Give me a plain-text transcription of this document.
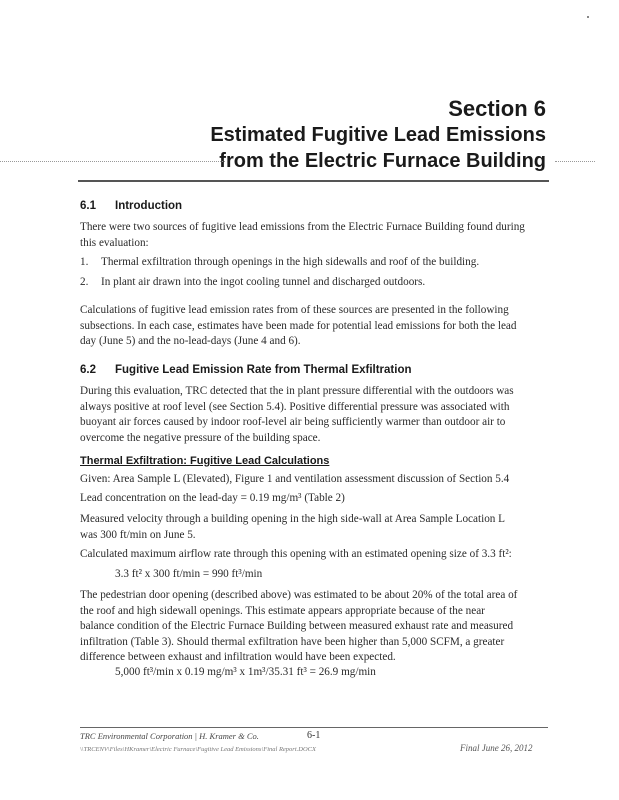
Section 6
Estimated Fugitive Lead Emissions
from the Electric Furnace Building
6.1 Introduction
There were two sources of fugitive lead emissions from the Electric Furnace Building found during
this evaluation:
1. Thermal exfiltration through openings in the high sidewalls and roof of the building.
2. In plant air drawn into the ingot cooling tunnel and discharged outdoors.
Calculations of fugitive lead emission rates from of these sources are presented in the following
subsections. In each case, estimates have been made for potential lead emissions for both the lead
day (June 5) and the no-lead-days (June 4 and 6).
6.2 Fugitive Lead Emission Rate from Thermal Exfiltration
During this evaluation, TRC detected that the in plant pressure differential with the outdoors was
always positive at roof level (see Section 5.4). Positive differential pressure was associated with
buoyant air forces caused by indoor roof-level air being sufficiently warmer than outdoor air to
overcome the negative pressure of the building space.
Thermal Exfiltration: Fugitive Lead Calculations
Given: Area Sample L (Elevated), Figure 1 and ventilation assessment discussion of Section 5.4
Lead concentration on the lead-day = 0.19 mg/m³ (Table 2)
Measured velocity through a building opening in the high side-wall at Area Sample Location L
was 300 ft/min on June 5.
Calculated maximum airflow rate through this opening with an estimated opening size of 3.3 ft²:
3.3 ft² x 300 ft/min = 990 ft³/min
The pedestrian door opening (described above) was estimated to be about 20% of the total area of
the roof and high sidewall openings. This estimate appears appropriate because of the near
balance condition of the Electric Furnace Building between measured exhaust rate and measured
infiltration (Table 3). Should thermal exfiltration have been higher than 5,000 SCFM, a greater
difference between exhaust and infiltration would have been expected.
5,000 ft³/min x 0.19 mg/m³ x 1m³/35.31 ft³ = 26.9 mg/min
TRC Environmental Corporation | H. Kramer & Co.	6-1
\\TRCENV\Files\HKramer\Electric Furnace\Fugitive Lead Emissions\Final Report.DOCX	Final June 26, 2012
